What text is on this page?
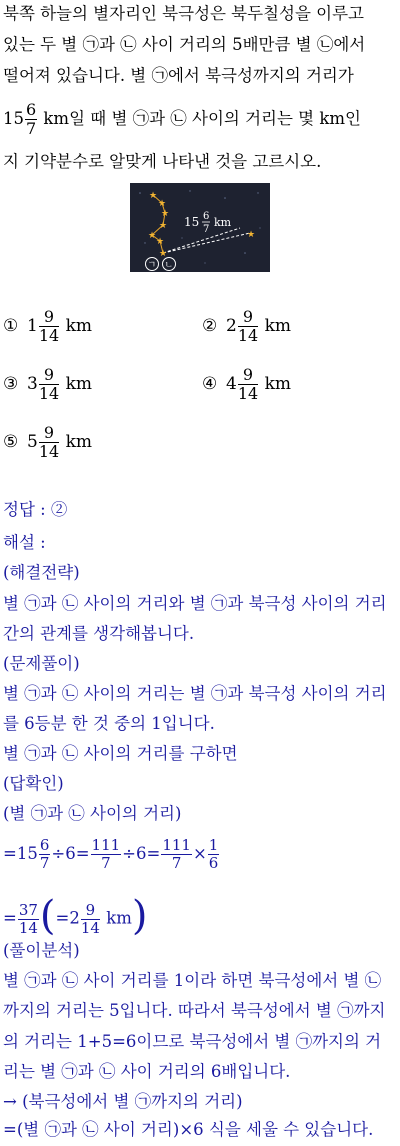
북쪽 하늘의 별자리인 북극성은 북두칠성을 이루고
있는 두 별 ㉠과 ㉡ 사이 거리의 5배만큼 별 ㉡에서
떨어져 있습니다. 별 ㉠에서 북극성까지의 거리가
$15 \frac{6}{7}$ km일 때 별 ㉠과 ㉡ 사이의 거리는 몇 km인
지 기약분수로 알맞게 나타낸 것을 고르시오.
★
★
★
★
★
★
★
★
15 6
7
km
ㄱ ㄴ
① $1 \frac{9}{14}$ km	② $2 \frac{9}{14}$ km
③ $3 \frac{9}{14}$ km	④ $4 \frac{9}{14}$ km
⑤ $5 \frac{9}{14}$ km
정답 : ②
해설 :
(해결전략)
별 ㉠과 ㉡ 사이의 거리와 별 ㉠과 북극성 사이의 거리
간의 관계를 생각해봅니다.
(문제풀이)
별 ㉠과 ㉡ 사이의 거리는 별 ㉠과 북극성 사이의 거리
를 6등분 한 것 중의 1입니다.
별 ㉠과 ㉡ 사이의 거리를 구하면
(답확인)
(별 ㉠과 ㉡ 사이의 거리)
$=15 \frac{6}{7} \div 6= \frac{111}{7} \div 6= \frac{111}{7} \times \frac{1}{6}$
= $\frac{37}{14} (=2 \frac{9}{14} km)$
(풀이분석)
별 ㉠과 ㉡ 사이 거리를 1이라 하면 북극성에서 별 ㉡
까지의 거리는 5입니다. 따라서 북극성에서 별 ㉠까지
의 거리는 1+5=6이므로 북극성에서 별 ㉠까지의 거
리는 별 ㉠과 ㉡ 사이 거리의 6배입니다.
→ (북극성에서 별 ㉠까지의 거리)
=(별 ㉠과 ㉡ 사이 거리)×6 식을 세울 수 있습니다.
